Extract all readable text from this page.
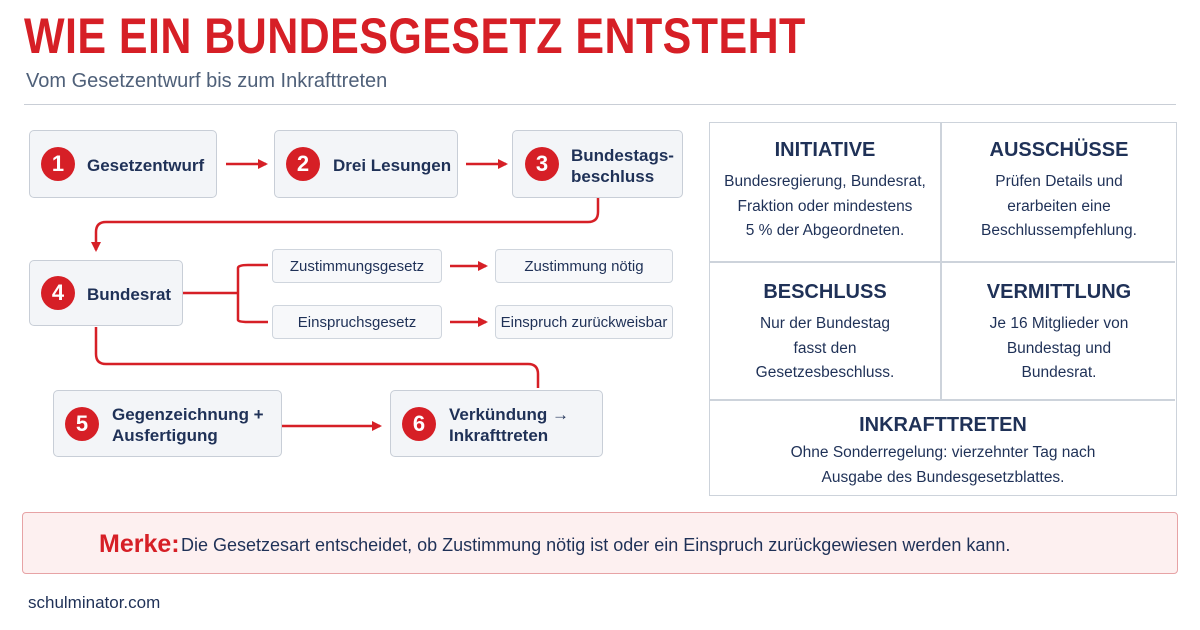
WIE EIN BUNDESGESETZ ENTSTEHT
Vom Gesetzentwurf bis zum Inkrafttreten
1	Gesetzentwurf	2	Drei Lesungen	3	Bundestags-
beschluss
4	Bundesrat
Zustimmungsgesetz	Zustimmung nötig
Einspruchsgesetz	Einspruch zurückweisbar
5	Gegenzeichnung +
Ausfertigung	6	Verkündung →
Inkrafttreten
INITIATIVE

Bundesregierung, Bundesrat,
Fraktion oder mindestens
5 % der Abgeordneten.

AUSSCHÜSSE

Prüfen Details und
erarbeiten eine
Beschlussempfehlung.

BESCHLUSS

Nur der Bundestag
fasst den
Gesetzesbeschluss.

VERMITTLUNG

Je 16 Mitglieder von
Bundestag und
Bundesrat.

INKRAFTTRETEN

Ohne Sonderregelung: vierzehnter Tag nach
Ausgabe des Bundesgesetzblattes.

Merke: Die Gesetzesart entscheidet, ob Zustimmung nötig ist oder ein Einspruch zurückgewiesen werden kann.
schulminator.com
